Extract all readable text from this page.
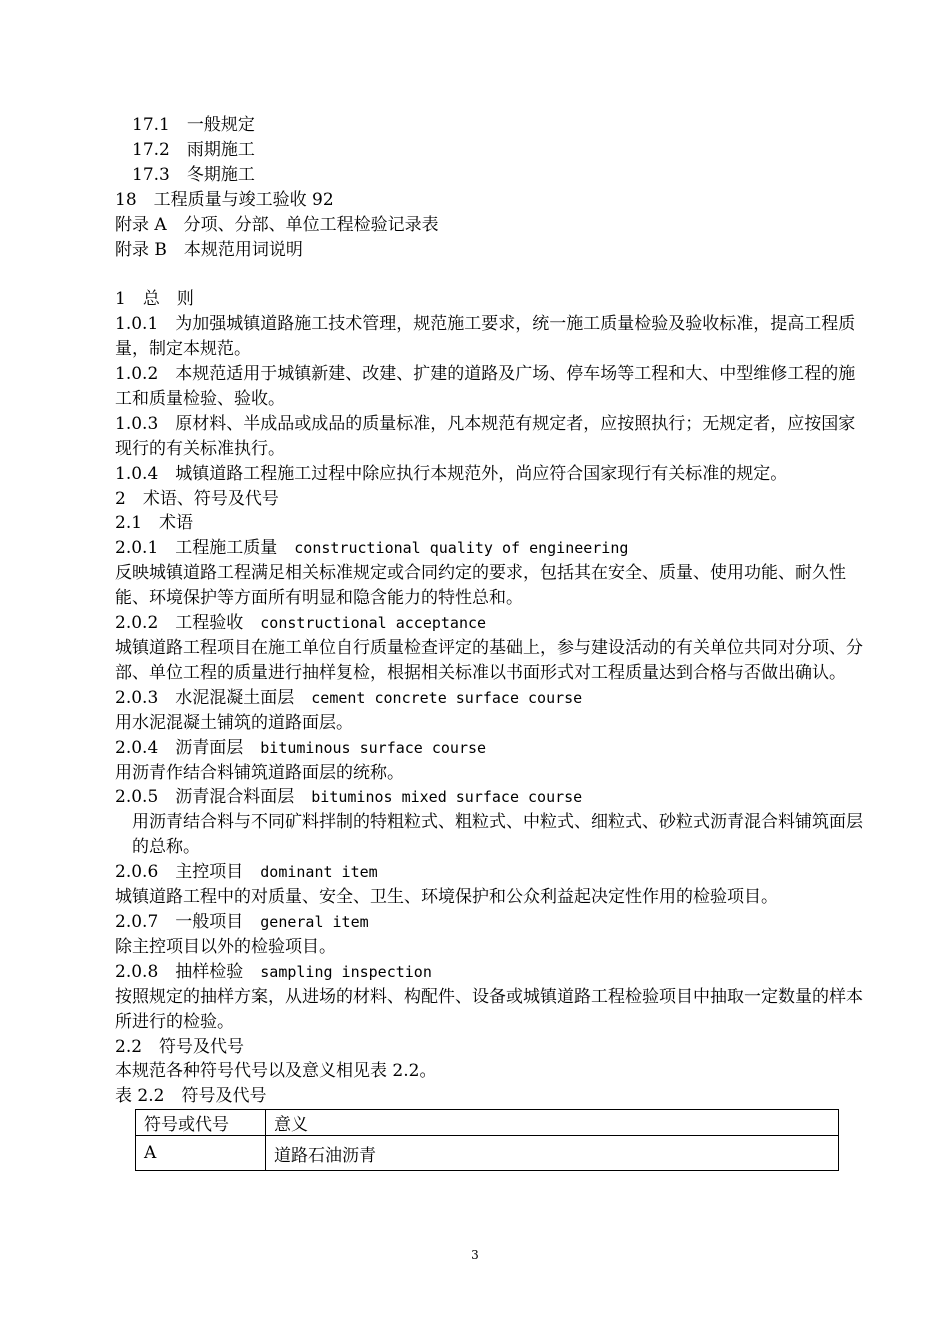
17.1　一般规定
17.2　雨期施工
17.3　冬期施工
18　工程质量与竣工验收 92
附录 A　分项、分部、单位工程检验记录表
附录 B　本规范用词说明
1　总　则
1.0.1　为加强城镇道路施工技术管理，规范施工要求，统一施工质量检验及验收标准，提高工程质量，制定本规范。
1.0.2　本规范适用于城镇新建、改建、扩建的道路及广场、停车场等工程和大、中型维修工程的施工和质量检验、验收。
1.0.3　原材料、半成品或成品的质量标准，凡本规范有规定者，应按照执行；无规定者，应按国家现行的有关标准执行。
1.0.4　城镇道路工程施工过程中除应执行本规范外，尚应符合国家现行有关标准的规定。
2　术语、符号及代号
2.1　术语
2.0.1　 工程施工质量　 constructional quality of engineering
反映城镇道路工程满足相关标准规定或合同约定的要求，包括其在安全、质量、使用功能、耐久性能、环境保护等方面所有明显和隐含能力的特性总和。
2.0.2　 工程验收　 constructional acceptance
城镇道路工程项目在施工单位自行质量检查评定的基础上，参与建设活动的有关单位共同对分项、分部、单位工程的质量进行抽样复检，根据相关标准以书面形式对工程质量达到合格与否做出确认。
2.0.3　 水泥混凝土面层　 cement concrete surface course
用水泥混凝土铺筑的道路面层。
2.0.4　 沥青面层　 bituminous surface course
用沥青作结合料铺筑道路面层的统称。
2.0.5　 沥青混合料面层　 bituminos mixed surface course
用沥青结合料与不同矿料拌制的特粗粒式、粗粒式、中粒式、细粒式、砂粒式沥青混合料铺筑面层的总称。
2.0.6　 主控项目　 dominant item
城镇道路工程中的对质量、安全、卫生、环境保护和公众利益起决定性作用的检验项目。
2.0.7　 一般项目　 general item
除主控项目以外的检验项目。
2.0.8　 抽样检验　 sampling inspection
按照规定的抽样方案，从进场的材料、构配件、设备或城镇道路工程检验项目中抽取一定数量的样本所进行的检验。
2.2　符号及代号
本规范各种符号代号以及意义相见表 2.2。
表 2.2　符号及代号
符号或代号	意义
A	道路石油沥青
3
